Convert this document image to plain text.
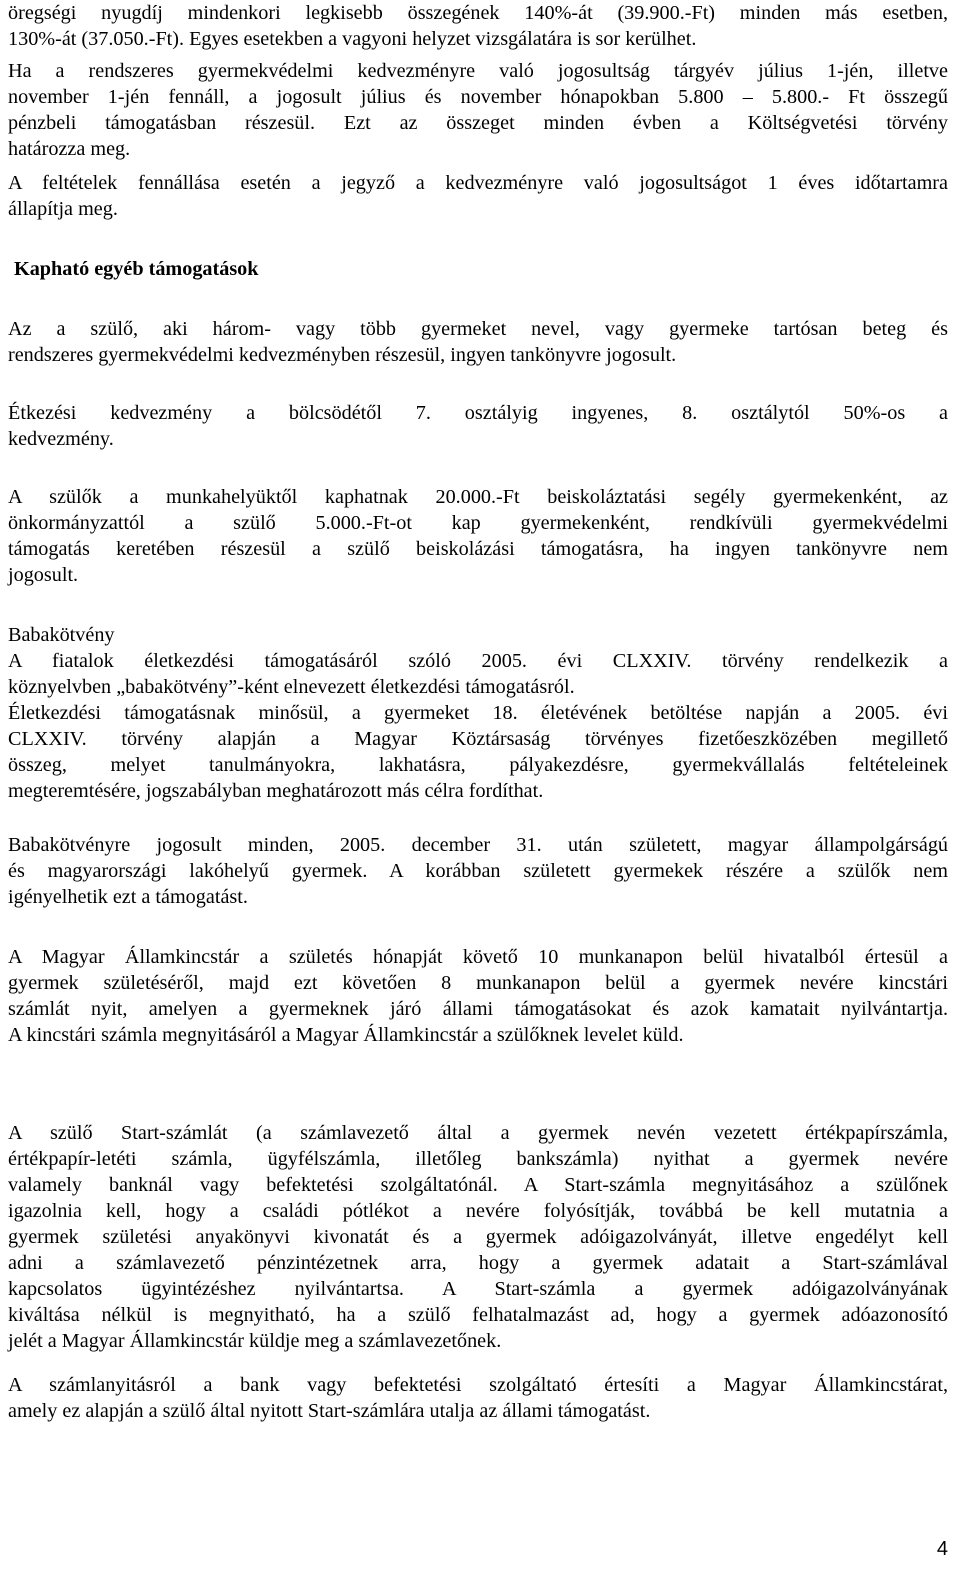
öregségi nyugdíj mindenkori legkisebb összegének 140%-át (39.900.-Ft) minden más esetben,
130%-át (37.050.-Ft). Egyes esetekben a vagyoni helyzet vizsgálatára is sor kerülhet.

Ha a rendszeres gyermekvédelmi kedvezményre való jogosultság tárgyév július 1-jén, illetve
november 1-jén fennáll, a jogosult július és november hónapokban 5.800 – 5.800.- Ft összegű
pénzbeli támogatásban részesül. Ezt az összeget minden évben a Költségvetési törvény
határozza meg.

A feltételek fennállása esetén a jegyző a kedvezményre való jogosultságot 1 éves időtartamra
állapítja meg.

Kapható egyéb támogatások

Az a szülő, aki három- vagy több gyermeket nevel, vagy gyermeke tartósan beteg és
rendszeres gyermekvédelmi kedvezményben részesül, ingyen tankönyvre jogosult.

Étkezési kedvezmény a bölcsödétől 7. osztályig ingyenes, 8. osztálytól 50%-os a
kedvezmény.

A szülők a munkahelyüktől kaphatnak 20.000.-Ft beiskoláztatási segély gyermekenként, az
önkormányzattól a szülő 5.000.-Ft-ot kap gyermekenként, rendkívüli gyermekvédelmi
támogatás keretében részesül a szülő beiskolázási támogatásra, ha ingyen tankönyvre nem
jogosult.

Babakötvény
A fiatalok életkezdési támogatásáról szóló 2005. évi CLXXIV. törvény rendelkezik a
köznyelvben „babakötvény”-ként elnevezett életkezdési támogatásról.
Életkezdési támogatásnak minősül, a gyermeket 18. életévének betöltése napján a 2005. évi
CLXXIV. törvény alapján a Magyar Köztársaság törvényes fizetőeszközében megillető
összeg, melyet tanulmányokra, lakhatásra, pályakezdésre, gyermekvállalás feltételeinek
megteremtésére, jogszabályban meghatározott más célra fordíthat.

Babakötvényre jogosult minden, 2005. december 31. után született, magyar állampolgárságú
és magyarországi lakóhelyű gyermek. A korábban született gyermekek részére a szülők nem
igényelhetik ezt a támogatást.

A Magyar Államkincstár a születés hónapját követő 10 munkanapon belül hivatalból értesül a
gyermek születéséről, majd ezt követően 8 munkanapon belül a gyermek nevére kincstári
számlát nyit, amelyen a gyermeknek járó állami támogatásokat és azok kamatait nyilvántartja.
A kincstári számla megnyitásáról a Magyar Államkincstár a szülőknek levelet küld.

A szülő Start-számlát (a számlavezető által a gyermek nevén vezetett értékpapírszámla,
értékpapír-letéti számla, ügyfélszámla, illetőleg bankszámla) nyithat a gyermek nevére
valamely banknál vagy befektetési szolgáltatónál. A Start-számla megnyitásához a szülőnek
igazolnia kell, hogy a családi pótlékot a nevére folyósítják, továbbá be kell mutatnia a
gyermek születési anyakönyvi kivonatát és a gyermek adóigazolványát, illetve engedélyt kell
adni a számlavezető pénzintézetnek arra, hogy a gyermek adatait a Start-számlával
kapcsolatos ügyintézéshez nyilvántartsa. A Start-számla a gyermek adóigazolványának
kiváltása nélkül is megnyitható, ha a szülő felhatalmazást ad, hogy a gyermek adóazonosító
jelét a Magyar Államkincstár küldje meg a számlavezetőnek.

A számlanyitásról a bank vagy befektetési szolgáltató értesíti a Magyar Államkincstárat,
amely ez alapján a szülő által nyitott Start-számlára utalja az állami támogatást.

4
